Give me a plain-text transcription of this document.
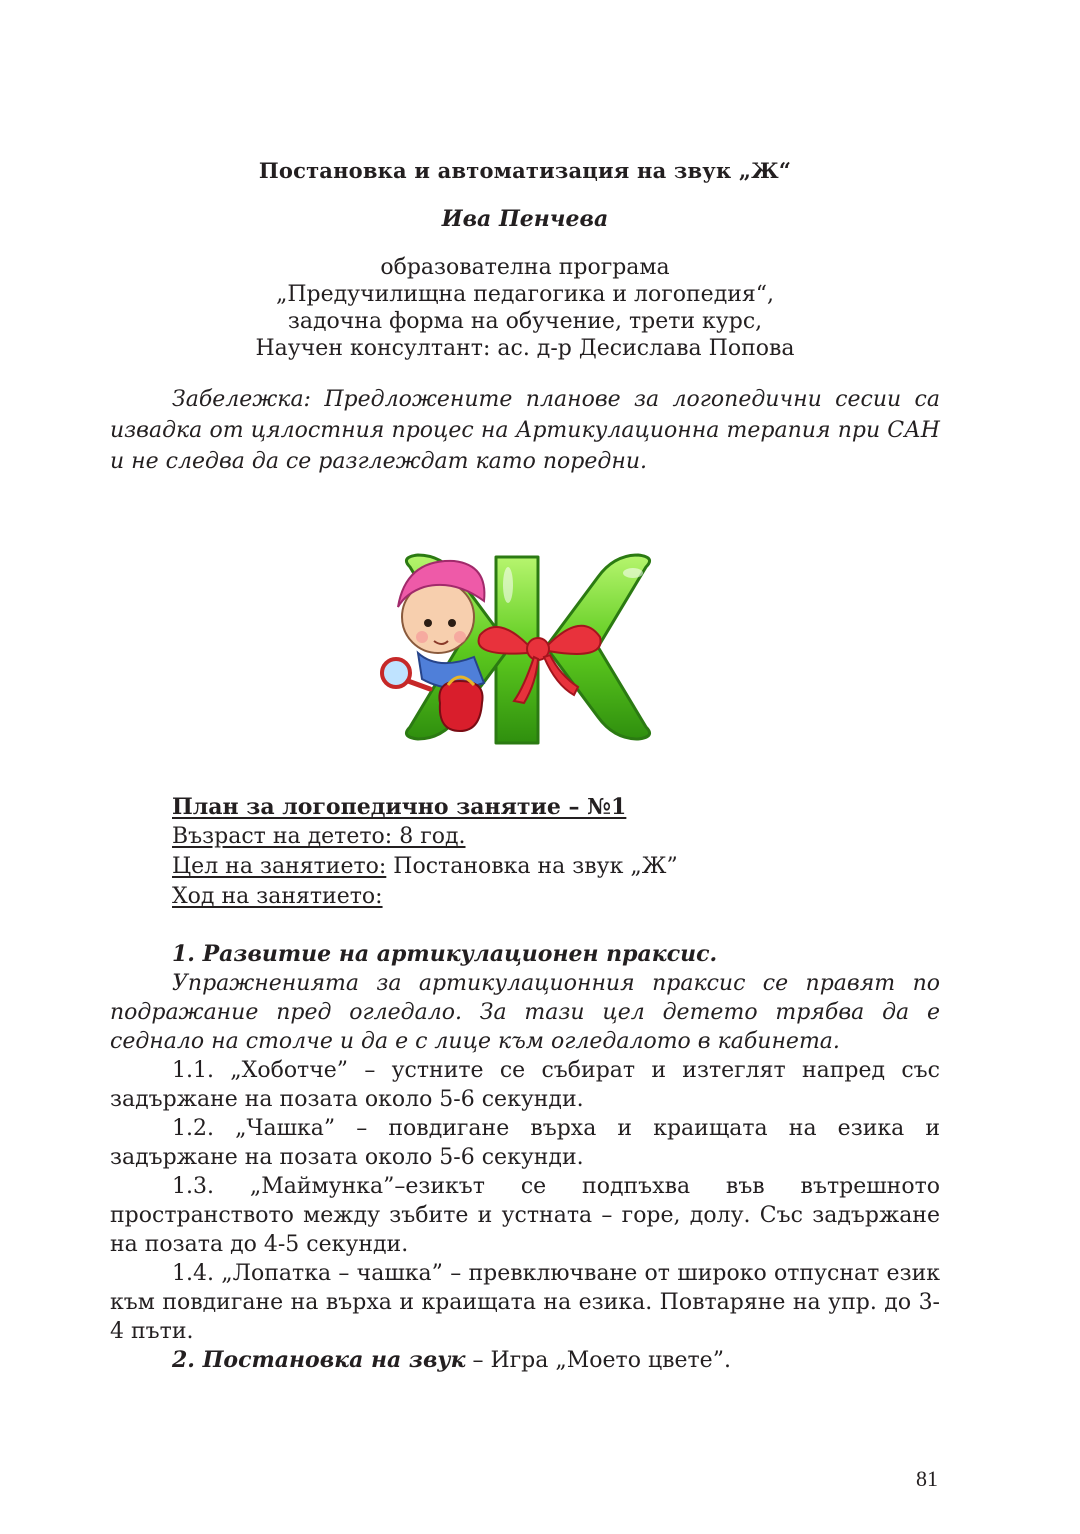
Постановка и автоматизация на звук „Ж“
Ива Пенчева
образователна програма
„Предучилищна педагогика и логопедия“,
задочна форма на обучение, трети курс,
Научен консултант: ас. д-р Десислава Попова
Забележка: Предложените планове за логопедични сесии са извадка от цялостния процес на Артикулационна терапия при САН и не следва да се разглеждат като поредни.
План за логопедично занятие – №1
Възраст на детето: 8 год.
Цел на занятието: Постановка на звук „Ж”
Ход на занятието:

1. Развитие на артикулационен праксис.

Упражненията за артикулационния праксис се правят по подражание пред огледало. За тази цел детето трябва да е седнало на столче и да е с лице към огледалото в кабинета.

1.1. „Хоботче” – устните се събират и изтеглят напред със задържане на позата около 5-6 секунди.

1.2. „Чашка” – повдигане върха и краищата на езика и задържане на позата около 5-6 секунди.

1.3. „Маймунка”–езикът се подпъхва във вътрешното пространството между зъбите и устната – горе, долу. Със задържане на позата до 4-5 секунди.

1.4. „Лопатка – чашка” – превключване от широко отпуснат език към повдигане на върха и краищата на езика. Повтаряне на упр. до 3-4 пъти.

2. Постановка на звук – Игра „Моето цвете”.

81
